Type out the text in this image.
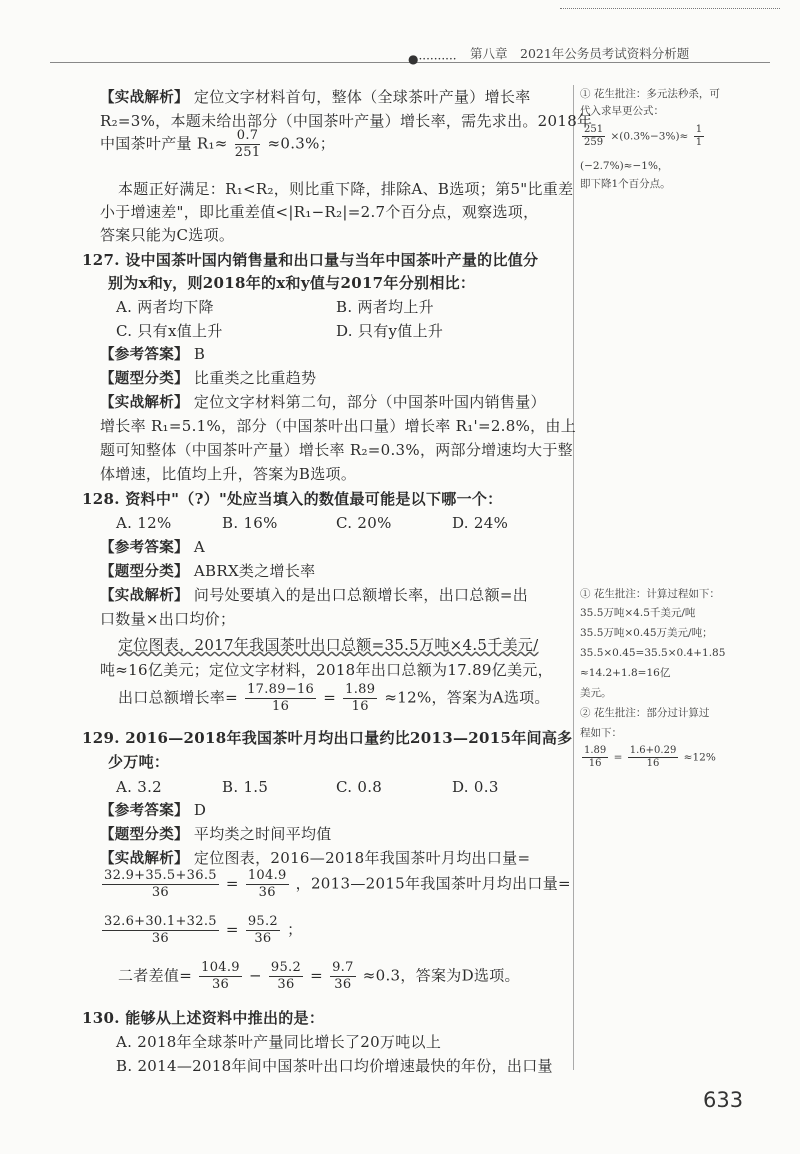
第八章　2021年公务员考试资料分析题
●··········
【实战解析】 定位文字材料首句，整体（全球茶叶产量）增长率
R₂=3%，本题未给出部分（中国茶叶产量）增长率，需先求出。2018年
中国茶叶产量 $R_1\approx \frac{0.7}{251} \approx 0.3\%$；
本题正好满足：R₁<R₂，则比重下降，排除A、B选项；第5"比重差
小于增速差"，即比重差值<|R₁−R₂|=2.7个百分点，观察选项，
答案只能为C选项。
127. 设中国茶叶国内销售量和出口量与当年中国茶叶产量的比值分
别为x和y，则2018年的x和y值与2017年分别相比：
A. 两者均下降	B. 两者均上升
C. 只有x值上升	D. 只有y值上升
【参考答案】 B
【题型分类】 比重类之比重趋势
【实战解析】 定位文字材料第二句，部分（中国茶叶国内销售量）
增长率 R₁=5.1%，部分（中国茶叶出口量）增长率 R₁'=2.8%，由上
题可知整体（中国茶叶产量）增长率 R₂=0.3%，两部分增速均大于整
体增速，比值均上升，答案为B选项。
128. 资料中"（?）"处应当填入的数值最可能是以下哪一个：
A. 12%	B. 16%	C. 20%	D. 24%
【参考答案】 A
【题型分类】 ABRX类之增长率
【实战解析】 问号处要填入的是出口总额增长率，出口总额=出
口数量×出口均价；
定位图表，2017年我国茶叶出口总额=35.5万吨×4.5千美元/
吨≈16亿美元；定位文字材料，2018年出口总额为17.89亿美元，
出口总额增长率= $\frac{17.89-16}{16} = \frac{1.89}{16} \approx 12\%$，答案为A选项。
129. 2016—2018年我国茶叶月均出口量约比2013—2015年间高多
少万吨：
A. 3.2	B. 1.5	C. 0.8	D. 0.3
【参考答案】 D
【题型分类】 平均类之时间平均值
【实战解析】 定位图表，2016—2018年我国茶叶月均出口量=
$\frac{32.9+35.5+36.5}{36} = \frac{104.9}{36}$ ，2013—2015年我国茶叶月均出口量=
$\frac{32.6+30.1+32.5}{36} = \frac{95.2}{36}$ ；
二者差值= $\frac{104.9}{36} - \frac{95.2}{36} = \frac{9.7}{36} \approx 0.3$，答案为D选项。
130. 能够从上述资料中推出的是：
A. 2018年全球茶叶产量同比增长了20万吨以上
B. 2014—2018年间中国茶叶出口均价增速最快的年份，出口量
① 花生批注：多元法秒杀，可
代入求早更公式：
$\frac{251}{259} \times(0.3\%-3\%)\approx \frac{1}{1}$
(−2.7%)≈−1%，
即下降1个百分点。
① 花生批注：计算过程如下：
35.5万吨×4.5千美元/吨
35.5万吨×0.45万美元/吨；
35.5×0.45=35.5×0.4+1.85
≈14.2+1.8=16亿
美元。
② 花生批注：部分过计算过
程如下：
$\frac{1.89}{16} = \frac{1.6+0.29}{16} \approx 12\%$
633
